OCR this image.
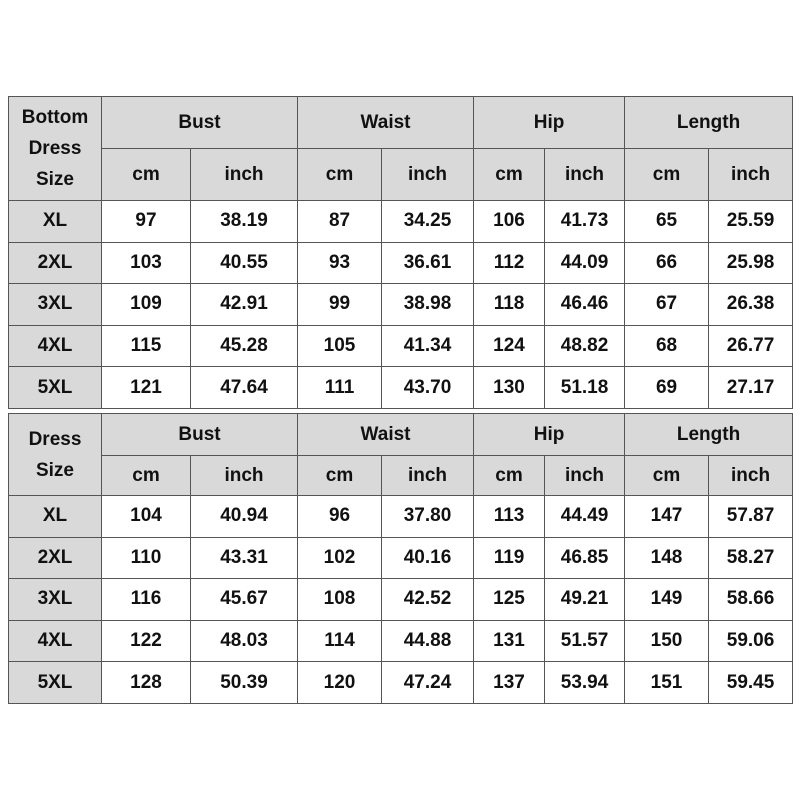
Bottom
Dress
Size	Bust		Waist		Hip		Length	
	cm	inch	cm	inch	cm	inch	cm	inch
XL	97	38.19	87	34.25	106	41.73	65	25.59
2XL	103	40.55	93	36.61	112	44.09	66	25.98
3XL	109	42.91	99	38.98	118	46.46	67	26.38
4XL	115	45.28	105	41.34	124	48.82	68	26.77
5XL	121	47.64	111	43.70	130	51.18	69	27.17
Dress
Size	Bust		Waist		Hip		Length	
	cm	inch	cm	inch	cm	inch	cm	inch
XL	104	40.94	96	37.80	113	44.49	147	57.87
2XL	110	43.31	102	40.16	119	46.85	148	58.27
3XL	116	45.67	108	42.52	125	49.21	149	58.66
4XL	122	48.03	114	44.88	131	51.57	150	59.06
5XL	128	50.39	120	47.24	137	53.94	151	59.45
